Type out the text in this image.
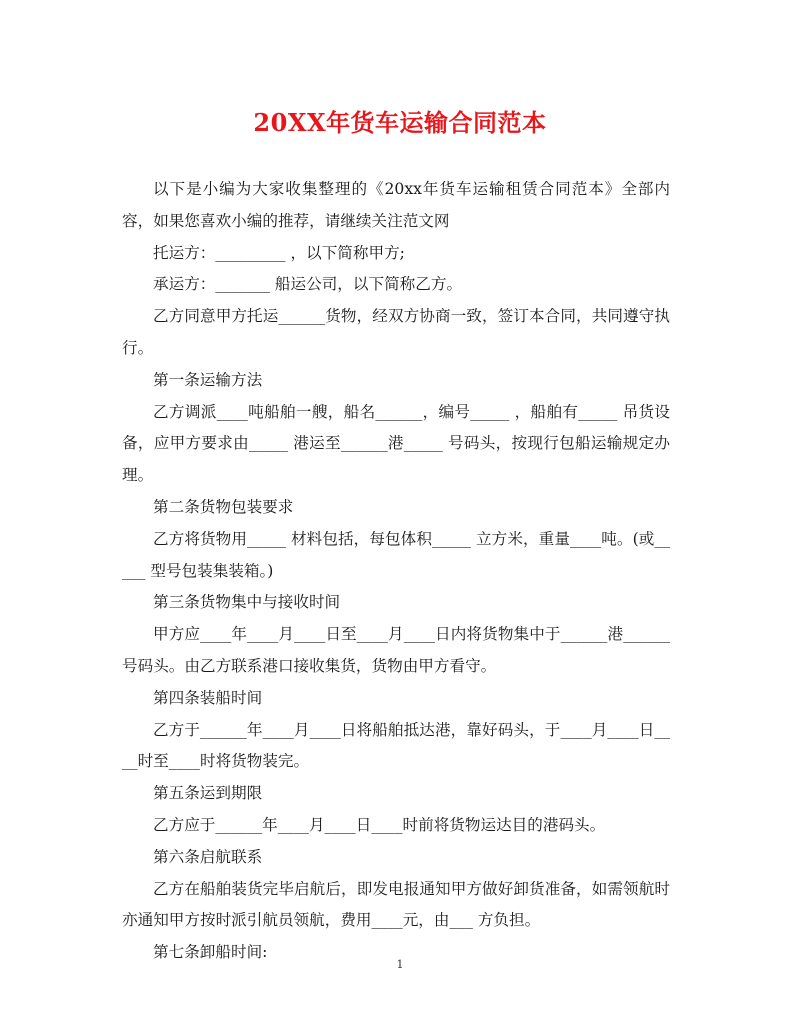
20XX年货车运输合同范本

以下是小编为大家收集整理的《20xx年货车运输租赁合同范本》全部内容，如果您喜欢小编的推荐，请继续关注范文网

托运方：_________ ，以下简称甲方;

承运方：_______ 船运公司，以下简称乙方。

乙方同意甲方托运______货物，经双方协商一致，签订本合同，共同遵守执行。

第一条运输方法

乙方调派____吨船舶一艘，船名______，编号_____ ，船舶有_____ 吊货设备，应甲方要求由_____ 港运至______港_____ 号码头，按现行包船运输规定办理。

第二条货物包装要求

乙方将货物用_____ 材料包括，每包体积_____ 立方米，重量____吨。(或_____ 型号包装集装箱。)

第三条货物集中与接收时间

甲方应____年____月____日至____月____日内将货物集中于______港______号码头。由乙方联系港口接收集货，货物由甲方看守。

第四条装船时间

乙方于______年____月____日将船舶抵达港，靠好码头，于____月____日____时至____时将货物装完。

第五条运到期限

乙方应于______年____月____日____时前将货物运达目的港码头。

第六条启航联系

乙方在船舶装货完毕启航后，即发电报通知甲方做好卸货准备，如需领航时亦通知甲方按时派引航员领航，费用____元，由___ 方负担。

第七条卸船时间:

1
